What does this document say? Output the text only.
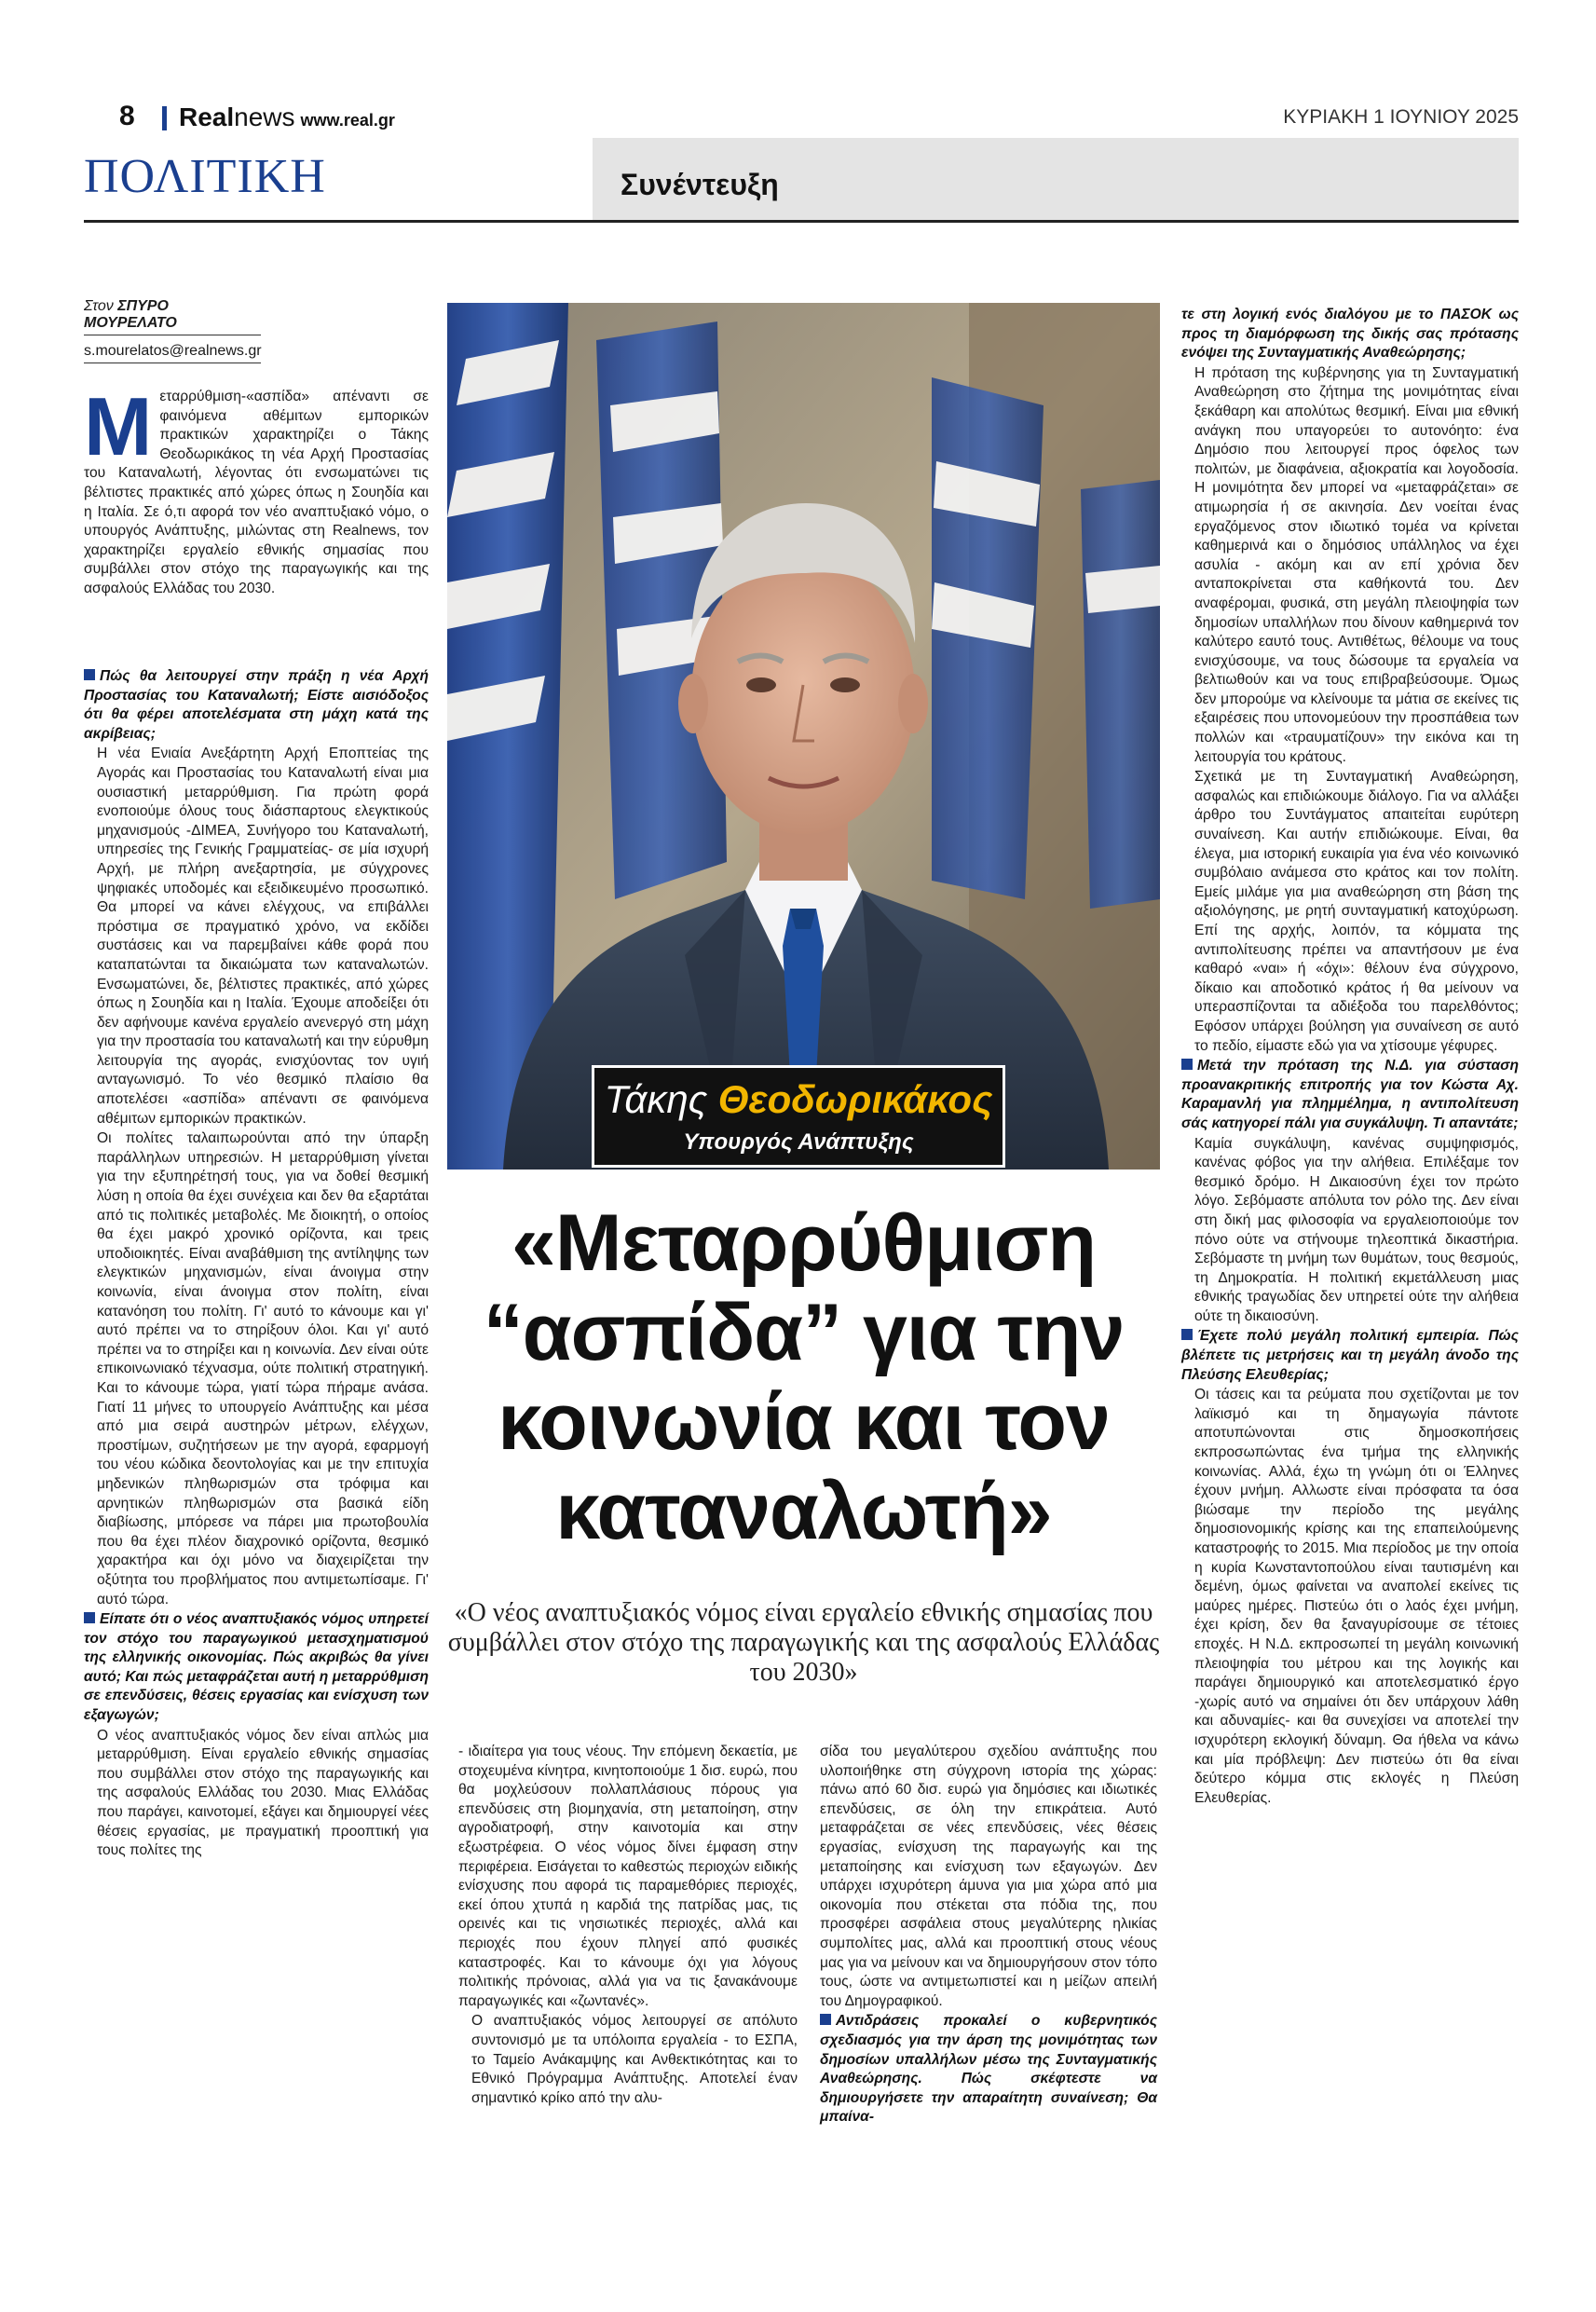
8 Realnews www.real.gr	ΚΥΡΙΑΚΗ 1 ΙΟΥΝΙΟΥ 2025
ΠΟΛΙΤΙΚΗ	Συνέντευξη
Στον ΣΠΥΡΟ ΜΟΥΡΕΛΑΤΟ
s.mourelatos@realnews.gr
Μεταρρύθμιση-«ασπίδα» απέναντι σε φαινόμενα αθέμιτων εμπορικών πρακτικών χαρακτηρίζει ο Τάκης Θεοδωρικάκος τη νέα Αρχή Προστασίας του Καταναλωτή, λέγοντας ότι ενσωματώνει τις βέλτιστες πρακτικές από χώρες όπως η Σουηδία και η Ιταλία. Σε ό,τι αφορά τον νέο αναπτυξιακό νόμο, ο υπουργός Ανάπτυξης, μιλώντας στη Realnews, τον χαρακτηρίζει εργαλείο εθνικής σημασίας που συμβάλλει στον στόχο της παραγωγικής και της ασφαλούς Ελλάδας του 2030.

Πώς θα λειτουργεί στην πράξη η νέα Αρχή Προστασίας του Καταναλωτή; Είστε αισιόδοξος ότι θα φέρει αποτελέσματα στη μάχη κατά της ακρίβειας;

Η νέα Ενιαία Ανεξάρτητη Αρχή Εποπτείας της Αγοράς και Προστασίας του Καταναλωτή είναι μια ουσιαστική μεταρρύθμιση. Για πρώτη φορά ενοποιούμε όλους τους διάσπαρτους ελεγκτικούς μηχανισμούς -ΔΙΜΕΑ, Συνήγορο του Καταναλωτή, υπηρεσίες της Γενικής Γραμματείας- σε μία ισχυρή Αρχή, με πλήρη ανεξαρτησία, με σύγχρονες ψηφιακές υποδομές και εξειδικευμένο προσωπικό. Θα μπορεί να κάνει ελέγχους, να επιβάλλει πρόστιμα σε πραγματικό χρόνο, να εκδίδει συστάσεις και να παρεμβαίνει κάθε φορά που καταπατώνται τα δικαιώματα των καταναλωτών. Ενσωματώνει, δε, βέλτιστες πρακτικές, από χώρες όπως η Σουηδία και η Ιταλία. Έχουμε αποδείξει ότι δεν αφήνουμε κανένα εργαλείο ανενεργό στη μάχη για την προστασία του καταναλωτή και την εύρυθμη λειτουργία της αγοράς, ενισχύοντας τον υγιή ανταγωνισμό. Το νέο θεσμικό πλαίσιο θα αποτελέσει «ασπίδα» απέναντι σε φαινόμενα αθέμιτων εμπορικών πρακτικών.

Οι πολίτες ταλαιπωρούνται από την ύπαρξη παράλληλων υπηρεσιών. Η μεταρρύθμιση γίνεται για την εξυπηρέτησή τους, για να δοθεί θεσμική λύση η οποία θα έχει συνέχεια και δεν θα εξαρτάται από τις πολιτικές μεταβολές. Με διοικητή, ο οποίος θα έχει μακρό χρονικό ορίζοντα, και τρεις υποδιοικητές. Είναι αναβάθμιση της αντίληψης των ελεγκτικών μηχανισμών, είναι άνοιγμα στην κοινωνία, είναι άνοιγμα στον πολίτη, είναι κατανόηση του πολίτη. Γι' αυτό το κάνουμε και γι' αυτό πρέπει να το στηρίξουν όλοι. Και γι' αυτό πρέπει να το στηρίξει και η κοινωνία. Δεν είναι ούτε επικοινωνιακό τέχνασμα, ούτε πολιτική στρατηγική. Και το κάνουμε τώρα, γιατί τώρα πήραμε ανάσα. Γιατί 11 μήνες το υπουργείο Ανάπτυξης και μέσα από μια σειρά αυστηρών μέτρων, ελέγχων, προστίμων, συζητήσεων με την αγορά, εφαρμογή του νέου κώδικα δεοντολογίας και με την επιτυχία μηδενικών πληθωρισμών στα τρόφιμα και αρνητικών πληθωρισμών στα βασικά είδη διαβίωσης, μπόρεσε να πάρει μια πρωτοβουλία που θα έχει πλέον διαχρονικό ορίζοντα, θεσμικό χαρακτήρα και όχι μόνο να διαχειρίζεται την οξύτητα του προβλήματος που αντιμετωπίσαμε. Γι' αυτό τώρα.

Είπατε ότι ο νέος αναπτυξιακός νόμος υπηρετεί τον στόχο του παραγωγικού μετασχηματισμού της ελληνικής οικονομίας. Πώς ακριβώς θα γίνει αυτό; Και πώς μεταφράζεται αυτή η μεταρρύθμιση σε επενδύσεις, θέσεις εργασίας και ενίσχυση των εξαγωγών;

Ο νέος αναπτυξιακός νόμος δεν είναι απλώς μια μεταρρύθμιση. Είναι εργαλείο εθνικής σημασίας που συμβάλλει στον στόχο της παραγωγικής και της ασφαλούς Ελλάδας του 2030. Μιας Ελλάδας που παράγει, καινοτομεί, εξάγει και δημιουργεί νέες θέσεις εργασίας, με πραγματική προοπτική για τους πολίτες της

Τάκης Θεοδωρικάκος
Υπουργός Ανάπτυξης
«Μεταρρύθμιση “ασπίδα” για την κοινωνία και τον καταναλωτή»
«Ο νέος αναπτυξιακός νόμος είναι εργαλείο εθνικής σημασίας που συμβάλλει στον στόχο της παραγωγικής και της ασφαλούς Ελλάδας του 2030»

- ιδιαίτερα για τους νέους. Την επόμενη δεκαετία, με στοχευμένα κίνητρα, κινητοποιούμε 1 δισ. ευρώ, που θα μοχλεύσουν πολλαπλάσιους πόρους για επενδύσεις στη βιομηχανία, στη μεταποίηση, στην αγροδιατροφή, στην καινοτομία και στην εξωστρέφεια. Ο νέος νόμος δίνει έμφαση στην περιφέρεια. Εισάγεται το καθεστώς περιοχών ειδικής ενίσχυσης που αφορά τις παραμεθόριες περιοχές, εκεί όπου χτυπά η καρδιά της πατρίδας μας, τις ορεινές και τις νησιωτικές περιοχές, αλλά και περιοχές που έχουν πληγεί από φυσικές καταστροφές. Και το κάνουμε όχι για λόγους πολιτικής πρόνοιας, αλλά για να τις ξανακάνουμε παραγωγικές και «ζωντανές».

Ο αναπτυξιακός νόμος λειτουργεί σε απόλυτο συντονισμό με τα υπόλοιπα εργαλεία - το ΕΣΠΑ, το Ταμείο Ανάκαμψης και Ανθεκτικότητας και το Εθνικό Πρόγραμμα Ανάπτυξης. Αποτελεί έναν σημαντικό κρίκο από την αλυ-

σίδα του μεγαλύτερου σχεδίου ανάπτυξης που υλοποιήθηκε στη σύγχρονη ιστορία της χώρας: πάνω από 60 δισ. ευρώ για δημόσιες και ιδιωτικές επενδύσεις, σε όλη την επικράτεια. Αυτό μεταφράζεται σε νέες επενδύσεις, νέες θέσεις εργασίας, ενίσχυση της παραγωγής και της μεταποίησης και ενίσχυση των εξαγωγών. Δεν υπάρχει ισχυρότερη άμυνα για μια χώρα από μια οικονομία που στέκεται στα πόδια της, που προσφέρει ασφάλεια στους μεγαλύτερης ηλικίας συμπολίτες μας, αλλά και προοπτική στους νέους μας για να μείνουν και να δημιουργήσουν στον τόπο τους, ώστε να αντιμετωπιστεί και η μείζων απειλή του Δημογραφικού.

Αντιδράσεις προκαλεί ο κυβερνητικός σχεδιασμός για την άρση της μονιμότητας των δημοσίων υπαλλήλων μέσω της Συνταγματικής Αναθεώρησης. Πώς σκέφτεστε να δημιουργήσετε την απαραίτητη συναίνεση; Θα μπαίνα-

τε στη λογική ενός διαλόγου με το ΠΑΣΟΚ ως προς τη διαμόρφωση της δικής σας πρότασης ενόψει της Συνταγματικής Αναθεώρησης;

Η πρόταση της κυβέρνησης για τη Συνταγματική Αναθεώρηση στο ζήτημα της μονιμότητας είναι ξεκάθαρη και απολύτως θεσμική. Είναι μια εθνική ανάγκη που υπαγορεύει το αυτονόητο: ένα Δημόσιο που λειτουργεί προς όφελος των πολιτών, με διαφάνεια, αξιοκρατία και λογοδοσία. Η μονιμότητα δεν μπορεί να «μεταφράζεται» σε ατιμωρησία ή σε ακινησία. Δεν νοείται ένας εργαζόμενος στον ιδιωτικό τομέα να κρίνεται καθημερινά και ο δημόσιος υπάλληλος να έχει ασυλία - ακόμη και αν επί χρόνια δεν ανταποκρίνεται στα καθήκοντά του. Δεν αναφέρομαι, φυσικά, στη μεγάλη πλειοψηφία των δημοσίων υπαλλήλων που δίνουν καθημερινά τον καλύτερο εαυτό τους. Αντιθέτως, θέλουμε να τους ενισχύσουμε, να τους δώσουμε τα εργαλεία να βελτιωθούν και να τους επιβραβεύσουμε. Όμως δεν μπορούμε να κλείνουμε τα μάτια σε εκείνες τις εξαιρέσεις που υπονομεύουν την προσπάθεια των πολλών και «τραυματίζουν» την εικόνα και τη λειτουργία του κράτους.

Σχετικά με τη Συνταγματική Αναθεώρηση, ασφαλώς και επιδιώκουμε διάλογο. Για να αλλάξει άρθρο του Συντάγματος απαιτείται ευρύτερη συναίνεση. Και αυτήν επιδιώκουμε. Είναι, θα έλεγα, μια ιστορική ευκαιρία για ένα νέο κοινωνικό συμβόλαιο ανάμεσα στο κράτος και τον πολίτη. Εμείς μιλάμε για μια αναθεώρηση στη βάση της αξιολόγησης, με ρητή συνταγματική κατοχύρωση. Επί της αρχής, λοιπόν, τα κόμματα της αντιπολίτευσης πρέπει να απαντήσουν με ένα καθαρό «ναι» ή «όχι»: θέλουν ένα σύγχρονο, δίκαιο και αποδοτικό κράτος ή θα μείνουν να υπερασπίζονται τα αδιέξοδα του παρελθόντος; Εφόσον υπάρχει βούληση για συναίνεση σε αυτό το πεδίο, είμαστε εδώ για να χτίσουμε γέφυρες.

Μετά την πρόταση της Ν.Δ. για σύσταση προανακριτικής επιτροπής για τον Κώστα Αχ. Καραμανλή για πλημμέλημα, η αντιπολίτευση σάς κατηγορεί πάλι για συγκάλυψη. Τι απαντάτε;

Καμία συγκάλυψη, κανένας συμψηφισμός, κανένας φόβος για την αλήθεια. Επιλέξαμε τον θεσμικό δρόμο. Η Δικαιοσύνη έχει τον πρώτο λόγο. Σεβόμαστε απόλυτα τον ρόλο της. Δεν είναι στη δική μας φιλοσοφία να εργαλειοποιούμε τον πόνο ούτε να στήνουμε τηλεοπτικά δικαστήρια. Σεβόμαστε τη μνήμη των θυμάτων, τους θεσμούς, τη Δημοκρατία. Η πολιτική εκμετάλλευση μιας εθνικής τραγωδίας δεν υπηρετεί ούτε την αλήθεια ούτε τη δικαιοσύνη.

Έχετε πολύ μεγάλη πολιτική εμπειρία. Πώς βλέπετε τις μετρήσεις και τη μεγάλη άνοδο της Πλεύσης Ελευθερίας;

Οι τάσεις και τα ρεύματα που σχετίζονται με τον λαϊκισμό και τη δημαγωγία πάντοτε αποτυπώνονται στις δημοσκοπήσεις εκπροσωπώντας ένα τμήμα της ελληνικής κοινωνίας. Αλλά, έχω τη γνώμη ότι οι Έλληνες έχουν μνήμη. Αλλωστε είναι πρόσφατα τα όσα βιώσαμε την περίοδο της μεγάλης δημοσιονομικής κρίσης και της επαπειλούμενης καταστροφής το 2015. Μια περίοδος με την οποία η κυρία Κωνσταντοπούλου είναι ταυτισμένη και δεμένη, όμως φαίνεται να αναπολεί εκείνες τις μαύρες ημέρες. Πιστεύω ότι ο λαός έχει μνήμη, έχει κρίση, δεν θα ξαναγυρίσουμε σε τέτοιες εποχές. Η Ν.Δ. εκπροσωπεί τη μεγάλη κοινωνική πλειοψηφία του μέτρου και της λογικής και παράγει δημιουργικό και αποτελεσματικό έργο -χωρίς αυτό να σημαίνει ότι δεν υπάρχουν λάθη και αδυναμίες- και θα συνεχίσει να αποτελεί την ισχυρότερη εκλογική δύναμη. Θα ήθελα να κάνω και μία πρόβλεψη: Δεν πιστεύω ότι θα είναι δεύτερο κόμμα στις εκλογές η Πλεύση Ελευθερίας.
